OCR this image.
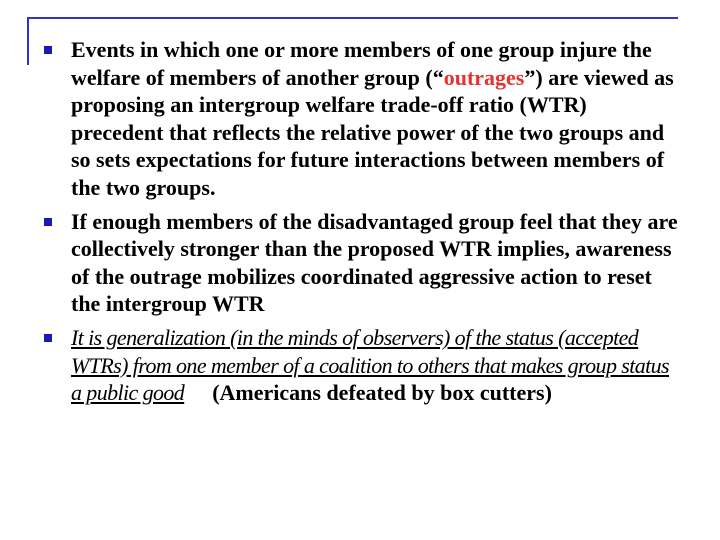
Events in which one or more members of one group injure the welfare of members of another group (“outrages”) are viewed as proposing an intergroup welfare trade-off ratio (WTR) precedent that reflects the relative power of the two groups and so sets expectations for future interactions between members of the two groups.
If enough members of the disadvantaged group feel that they are collectively stronger than the proposed WTR implies, awareness of the outrage mobilizes coordinated aggressive action to reset the intergroup WTR
It is generalization (in the minds of observers) of the status (accepted WTRs) from one member of a coalition to others that makes group status a public good (Americans defeated by box cutters)
